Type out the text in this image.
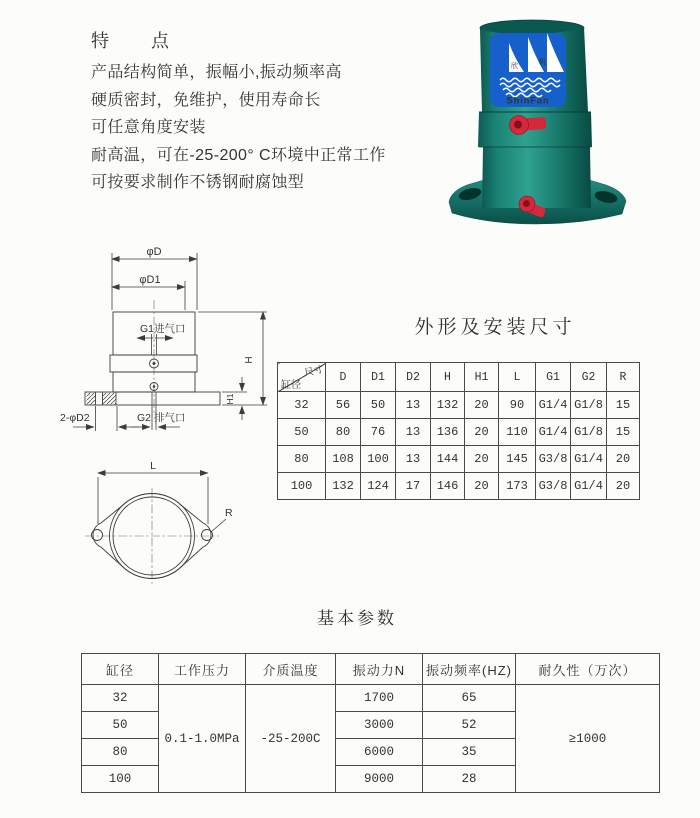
特　点
产品结构简单，振幅小,振动频率高
硬质密封，免维护，使用寿命长
可任意角度安装
耐高温，可在-25-200° C环境中正常工作
可按要求制作不锈钢耐腐蚀型
欣
帆
ShinFan
φD
φD1
G1进气口
H
H1
2-φD2	G2 排气口
L
R
外形及安装尺寸
尺寸
缸径	D	D1	D2	H	H1	L	G1	G2	R
32	56	50	13	132	20	90	G1/4	G1/8	15
50	80	76	13	136	20	110	G1/4	G1/8	15
80	108	100	13	144	20	145	G3/8	G1/4	20
100	132	124	17	146	20	173	G3/8	G1/4	20
基本参数
缸径	工作压力	介质温度	振动力N	振动频率(HZ)	耐久性（万次）
32	0.1-1.0MPa	-25-200C	1700	65	≥1000
50			3000	52	
80			6000	35	
100			9000	28	
